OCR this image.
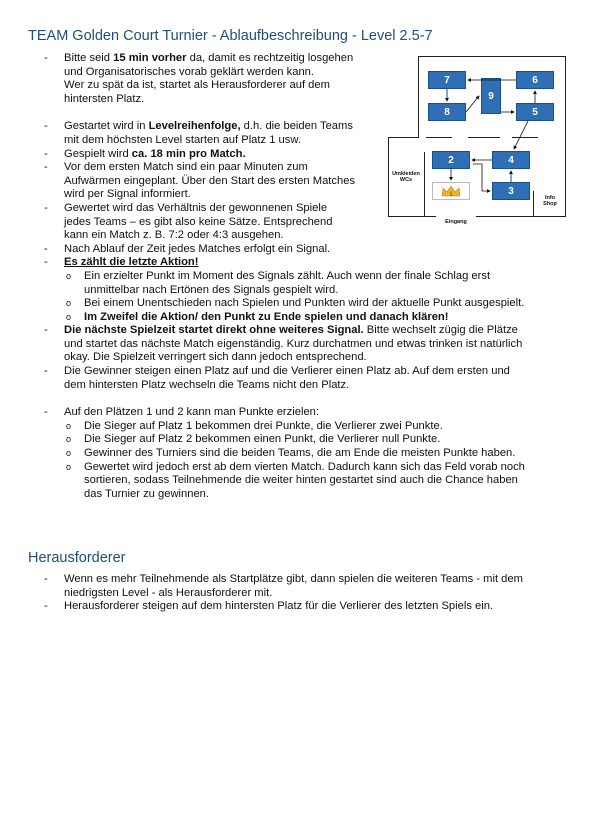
TEAM Golden Court Turnier - Ablaufbeschreibung - Level 2.5-7
- Bitte seid 15 min vorher da, damit es rechtzeitig losgehen
und Organisatorisches vorab geklärt werden kann.
Wer zu spät da ist, startet als Herausforderer auf dem
hintersten Platz.
- Gestartet wird in Levelreihenfolge, d.h. die beiden Teams
mit dem höchsten Level starten auf Platz 1 usw.
- Gespielt wird ca. 18 min pro Match.
- Vor dem ersten Match sind ein paar Minuten zum
Aufwärmen eingeplant. Über den Start des ersten Matches
wird per Signal informiert.
- Gewertet wird das Verhältnis der gewonnenen Spiele
jedes Teams – es gibt also keine Sätze. Entsprechend
kann ein Match z. B. 7:2 oder 4:3 ausgehen.
- Nach Ablauf der Zeit jedes Matches erfolgt ein Signal.
- Es zählt die letzte Aktion!
o Ein erzielter Punkt im Moment des Signals zählt. Auch wenn der finale Schlag erst
unmittelbar nach Ertönen des Signals gespielt wird.
o Bei einem Unentschieden nach Spielen und Punkten wird der aktuelle Punkt ausgespielt.
o Im Zweifel die Aktion/ den Punkt zu Ende spielen und danach klären!
- Die nächste Spielzeit startet direkt ohne weiteres Signal. Bitte wechselt zügig die Plätze
und startet das nächste Match eigenständig. Kurz durchatmen und etwas trinken ist natürlich
okay. Die Spielzeit verringert sich dann jedoch entsprechend.
- Die Gewinner steigen einen Platz auf und die Verlierer einen Platz ab. Auf dem ersten und
dem hintersten Platz wechseln die Teams nicht den Platz.
- Auf den Plätzen 1 und 2 kann man Punkte erzielen:
o Die Sieger auf Platz 1 bekommen drei Punkte, die Verlierer zwei Punkte.
o Die Sieger auf Platz 2 bekommen einen Punkt, die Verlierer null Punkte.
o Gewinner des Turniers sind die beiden Teams, die am Ende die meisten Punkte haben.
o Gewertet wird jedoch erst ab dem vierten Match. Dadurch kann sich das Feld vorab noch
sortieren, sodass Teilnehmende die weiter hinten gestartet sind auch die Chance haben
das Turnier zu gewinnen.
Herausforderer
- Wenn es mehr Teilnehmende als Startplätze gibt, dann spielen die weiteren Teams - mit dem
niedrigsten Level - als Herausforderer mit.
- Herausforderer steigen auf dem hintersten Platz für die Verlierer des letzten Spiels ein.
7
8
9
6
5
2	4
3
1
Umkleiden
WCs
Info
Shop
Eingang
